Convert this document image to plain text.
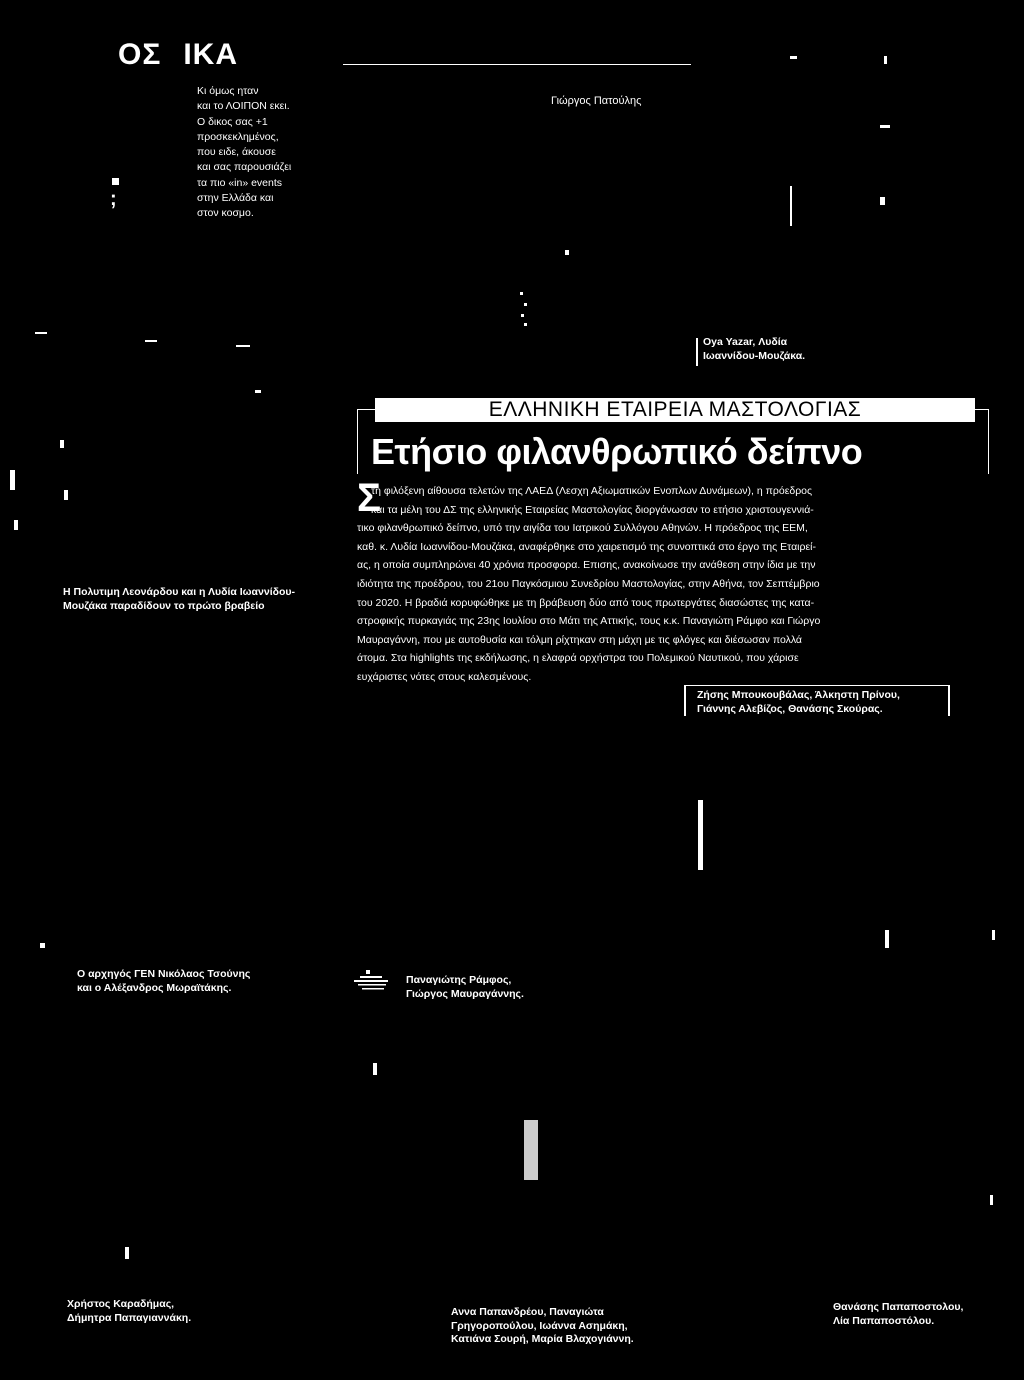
ΟΣ ΙΚΑ
Κι όμως ηταν
και το ΛΟΙΠΟΝ εκει.
Ο δικος σας +1
προσκεκλημένος,
που ειδε, άκουσε
και σας παρουσιάζει
τα πιο «in» events
στην Ελλάδα και
στον κοσμο.
;
Γιώργος Πατούλης
Oya Yazar, Λυδία
Ιωαννίδου-Μουζάκα.
Η Πολυτιμη Λεονάρδου και η Λυδία Ιωαννίδου-
Μουζάκα παραδίδουν το πρώτο βραβείο
ΕΛΛΗΝΙΚΗ ΕΤΑΙΡΕΙΑ ΜΑΣΤΟΛΟΓΙΑΣ
Ετήσιο φιλανθρωπικό δείπνο
Σ
τη φιλόξενη αίθουσα τελετών της ΛΑΕΔ (Λεσχη Αξιωματικών Ενοπλων Δυνάμεων), η πρόεδρος
και τα μέλη του ΔΣ της ελληνικής Εταιρείας Μαστολογίας διοργάνωσαν το ετήσιο χριστουγεννιά-
τικο φιλανθρωπικό δείπνο, υπό την αιγίδα του Ιατρικού Συλλόγου Αθηνών. Η πρόεδρος της ΕΕΜ,
καθ. κ. Λυδία Ιωαννίδου-Μουζάκα, αναφέρθηκε στο χαιρετισμό της συνοπτικά στο έργο της Εταιρεί-
ας, η οποία συμπληρώνει 40 χρόνια προσφορα. Επισης, ανακοίνωσε την ανάθεση στην ίδια με την
ιδιότητα της προέδρου, του 21ου Παγκόσμιου Συνεδρίου Μαστολογίας, στην Αθήνα, τον Σεπτέμβριο
του 2020. Η βραδιά κορυφώθηκε με τη βράβευση δύο από τους πρωτεργάτες διασώστες της κατα-
στροφικής πυρκαγιάς της 23ης Ιουλίου στο Μάτι της Αττικής, τους κ.κ. Παναγιώτη Ράμφο και Γιώργο
Μαυραγάννη, που με αυτοθυσία και τόλμη ρίχτηκαν στη μάχη με τις φλόγες και διέσωσαν πολλά
άτομα. Στα highlights της εκδήλωσης, η ελαφρά ορχήστρα του Πολεμικού Ναυτικού, που χάρισε
ευχάριστες νότες στους καλεσμένους.
Ζήσης Μπουκουβάλας, Άλκηστη Πρίνου,
Γιάννης Αλεβίζος, Θανάσης Σκούρας.
Ο αρχηγός ΓΕΝ Νικόλαος Τσούνης
και ο Αλέξανδρος Μωραϊτάκης.
Παναγιώτης Ράμφος,
Γιώργος Μαυραγάννης.
Χρήστος Καραδήμας,
Δήμητρα Παπαγιαννάκη.	Αννα Παπανδρέου, Παναγιώτα
Γρηγοροπούλου, Ιωάννα Ασημάκη,
Κατιάνα Σουρή, Μαρία Βλαχογιάννη.
Θανάσης Παπαποστολου,
Λία Παπαποστόλου.
